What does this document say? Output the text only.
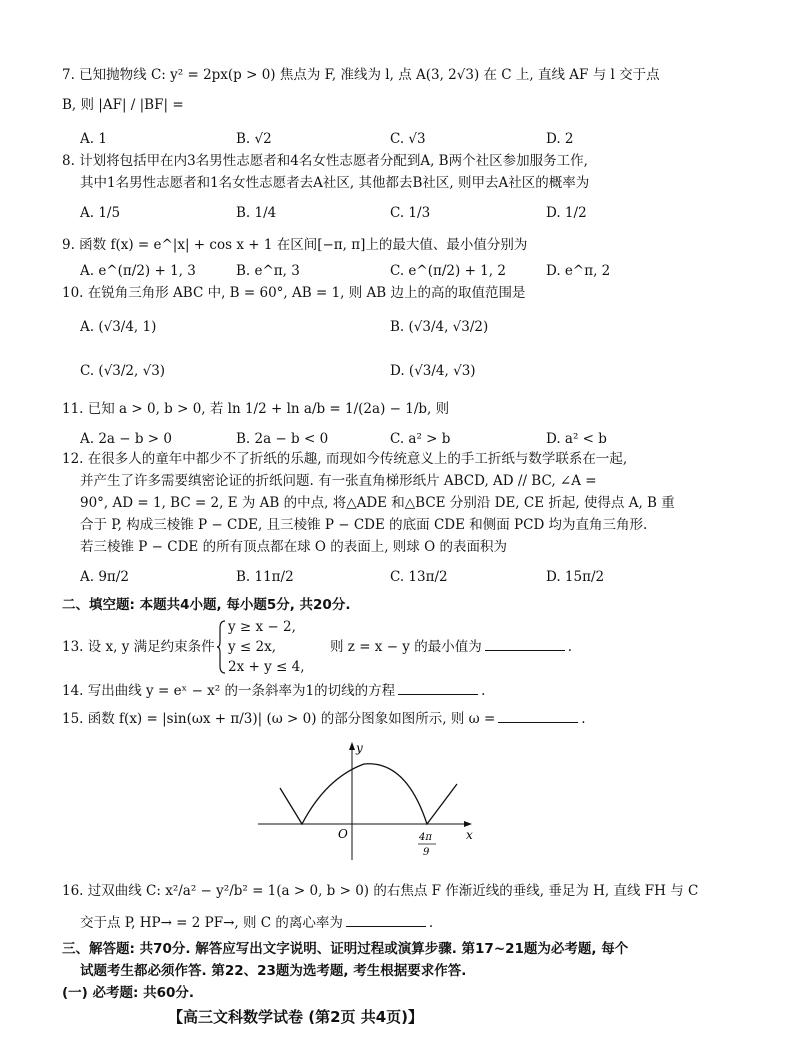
7. 已知抛物线 C: y² = 2px(p > 0) 焦点为 F, 准线为 l, 点 A(3, 2√3) 在 C 上, 直线 AF 与 l 交于点
B, 则 |AF| / |BF| =
A. 1	B. √2	C. √3	D. 2
8. 计划将包括甲在内3名男性志愿者和4名女性志愿者分配到A, B两个社区参加服务工作,
其中1名男性志愿者和1名女性志愿者去A社区, 其他都去B社区, 则甲去A社区的概率为
A. 1/5	B. 1/4	C. 1/3	D. 1/2
9. 函数 f(x) = e^|x| + cos x + 1 在区间[−π, π]上的最大值、最小值分别为
A. e^(π/2) + 1, 3	B. e^π, 3	C. e^(π/2) + 1, 2	D. e^π, 2
10. 在锐角三角形 ABC 中, B = 60°, AB = 1, 则 AB 边上的高的取值范围是
A. (√3/4, 1)	B. (√3/4, √3/2)
C. (√3/2, √3)	D. (√3/4, √3)
11. 已知 a > 0, b > 0, 若 ln 1/2 + ln a/b = 1/(2a) − 1/b, 则
A. 2a − b > 0	B. 2a − b < 0	C. a² > b	D. a² < b
12. 在很多人的童年中都少不了折纸的乐趣, 而现如今传统意义上的手工折纸与数学联系在一起,
并产生了许多需要缜密论证的折纸问题. 有一张直角梯形纸片 ABCD, AD // BC, ∠A =
90°, AD = 1, BC = 2, E 为 AB 的中点, 将△ADE 和△BCE 分别沿 DE, CE 折起, 使得点 A, B 重
合于 P, 构成三棱锥 P − CDE, 且三棱锥 P − CDE 的底面 CDE 和侧面 PCD 均为直角三角形.
若三棱锥 P − CDE 的所有顶点都在球 O 的表面上, 则球 O 的表面积为
A. 9π/2	B. 11π/2	C. 13π/2	D. 15π/2
二、填空题: 本题共4小题, 每小题5分, 共20分.
13. 设 x, y 满足约束条件
y ≥ x − 2,
y ≤ 2x,
2x + y ≤ 4,
则 z = x − y 的最小值为	.
14. 写出曲线 y = eˣ − x² 的一条斜率为1的切线的方程	.
15. 函数 f(x) = |sin(ωx + π/3)| (ω > 0) 的部分图象如图所示, 则 ω =	.
y
x
O	4π
9
16. 过双曲线 C: x²/a² − y²/b² = 1(a > 0, b > 0) 的右焦点 F 作渐近线的垂线, 垂足为 H, 直线 FH 与 C
交于点 P, HP→ = 2 PF→, 则 C 的离心率为	.
三、解答题: 共70分. 解答应写出文字说明、证明过程或演算步骤. 第17~21题为必考题, 每个
试题考生都必须作答. 第22、23题为选考题, 考生根据要求作答.
(一) 必考题: 共60分.
【高三文科数学试卷 (第2页 共4页)】
